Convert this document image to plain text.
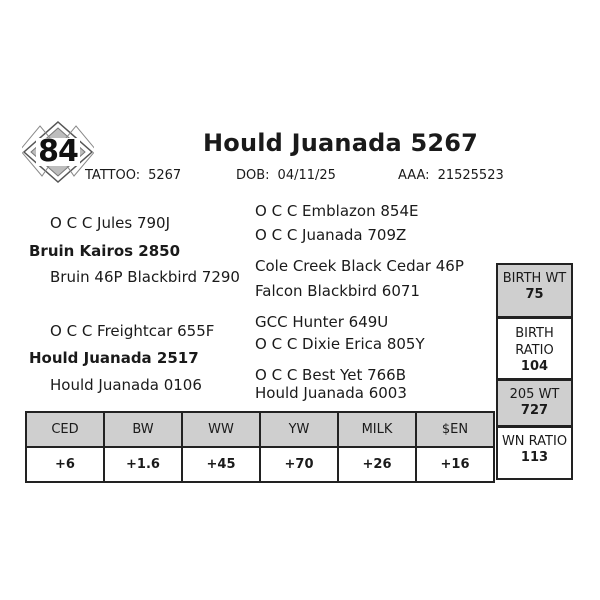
84	Hould Juanada 5267
TATTOO: 5267	DOB: 04/11/25	AAA: 21525523
O C C Jules 790J
Bruin Kairos 2850
Bruin 46P Blackbird 7290
O C C Freightcar 655F
Hould Juanada 2517
Hould Juanada 0106
O C C Emblazon 854E
O C C Juanada 709Z
Cole Creek Black Cedar 46P
Falcon Blackbird 6071
GCC Hunter 649U
O C C Dixie Erica 805Y
O C C Best Yet 766B
Hould Juanada 6003
CED	BW	WW	YW	MILK	$EN
+6	+1.6	+45	+70	+26	+16
BIRTH WT
75
BIRTH RATIO
104
205 WT
727
WN RATIO
113
